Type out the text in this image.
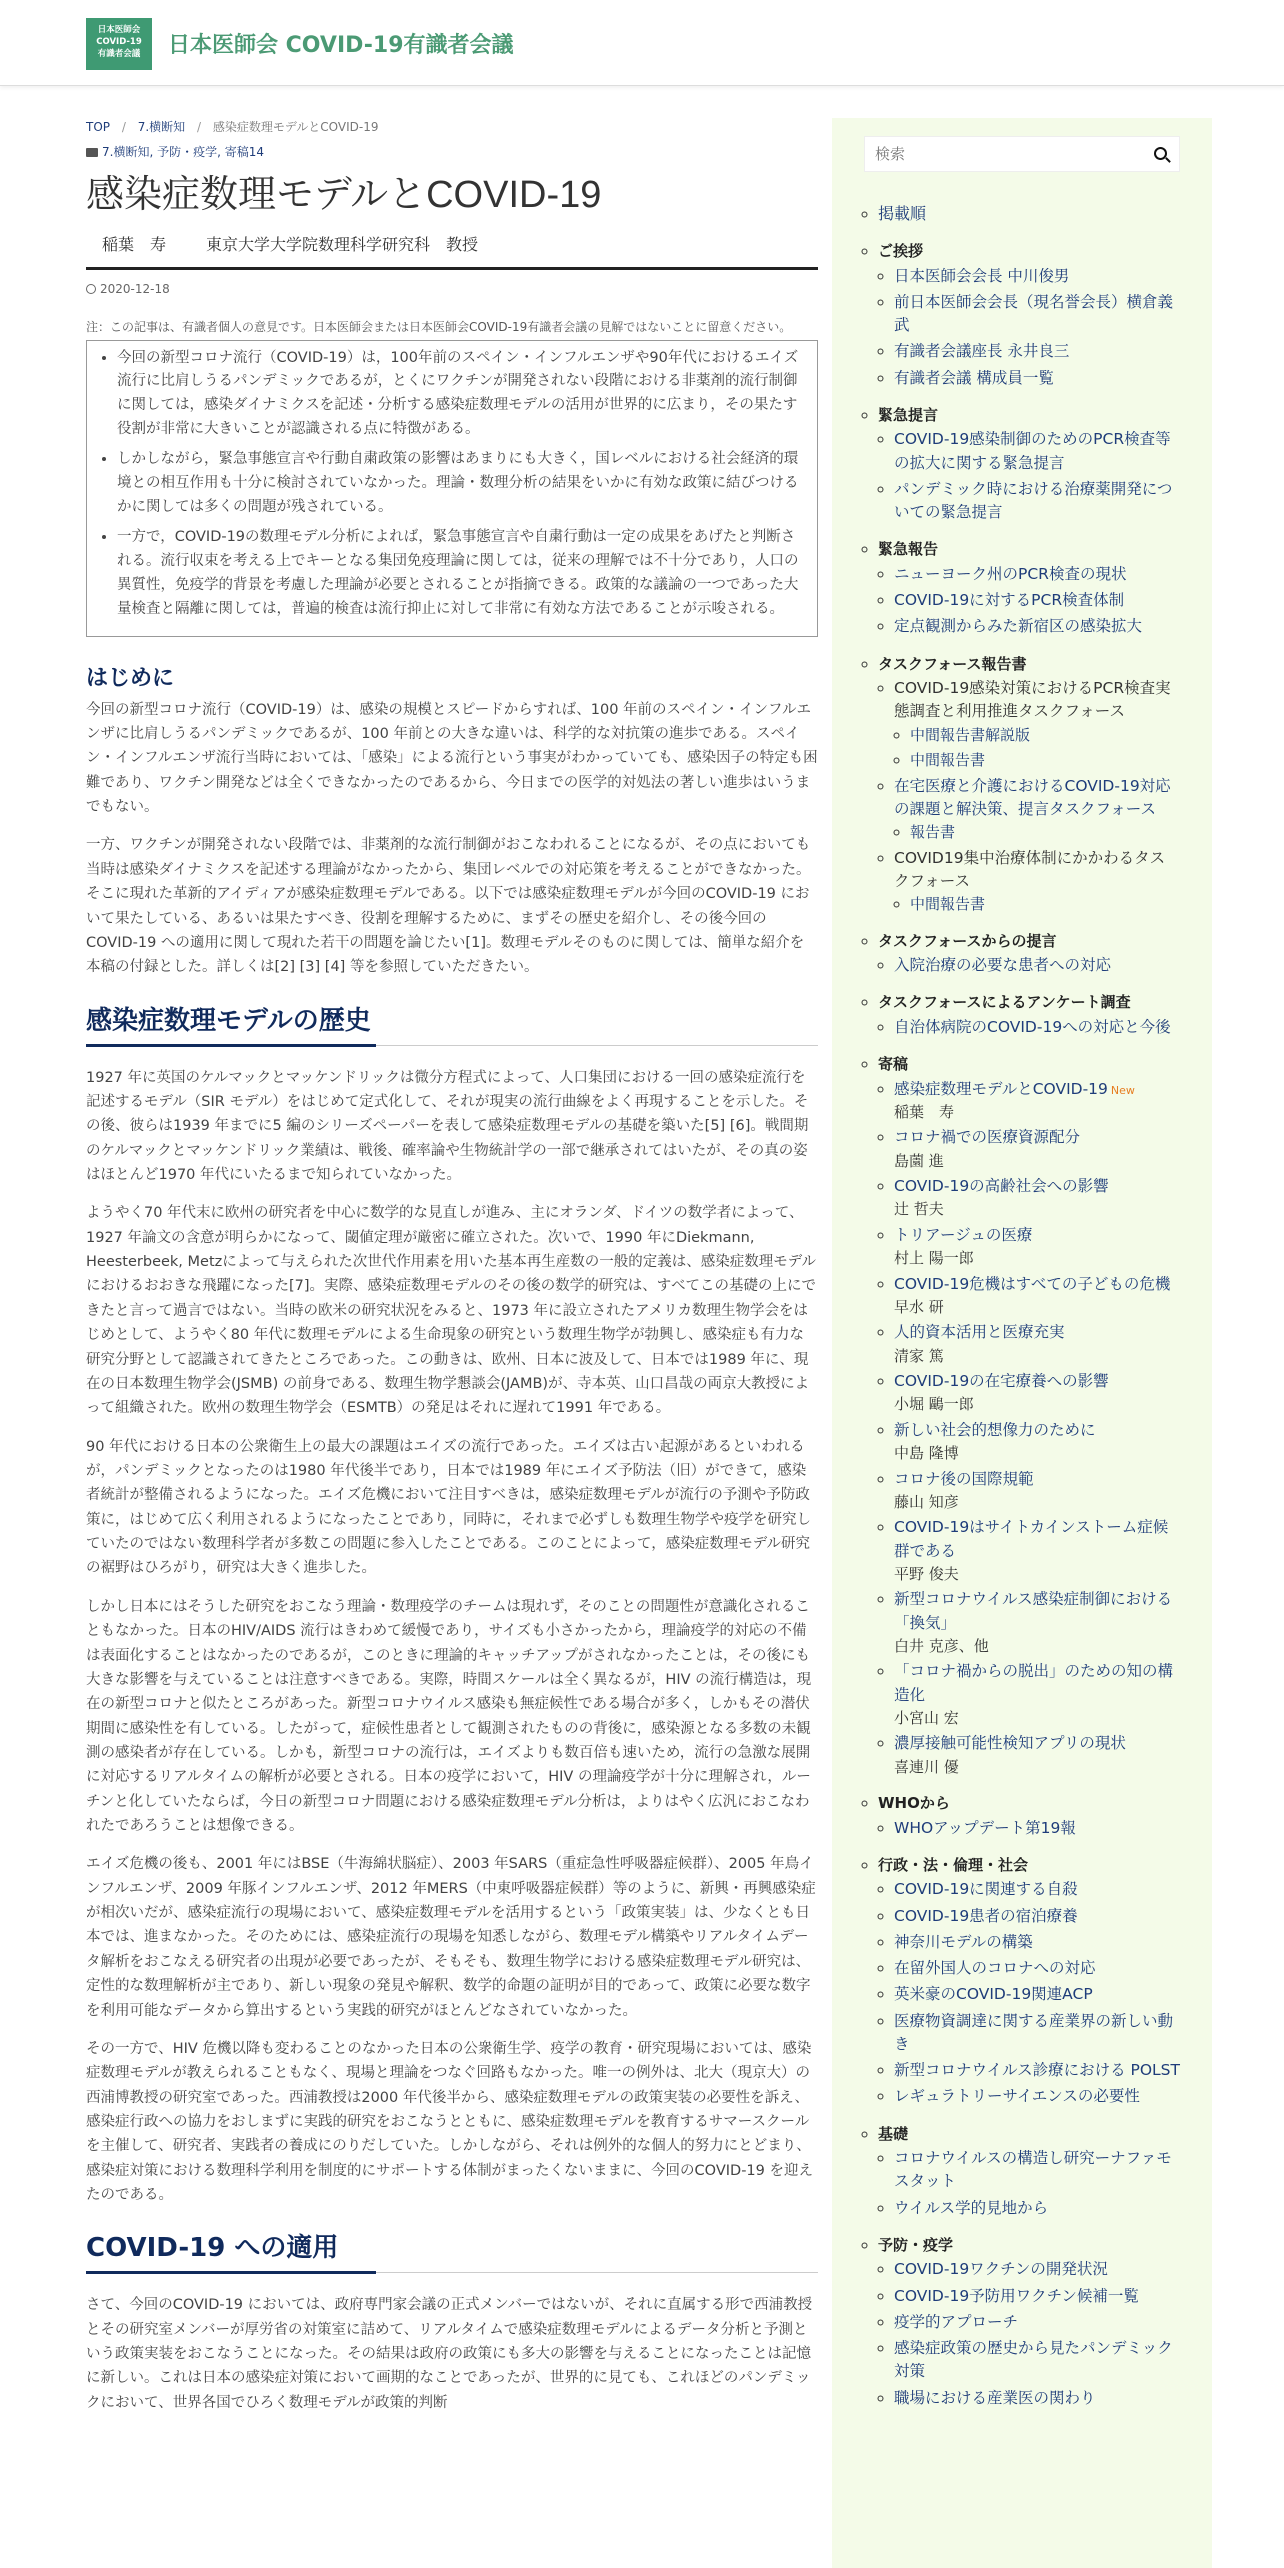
日本医師会
COVID-19
有識者会議	日本医師会 COVID-19有識者会議
TOP / 7.横断知 / 感染症数理モデルとCOVID-19
7.横断知, 予防・疫学, 寄稿14
感染症数理モデルとCOVID-19
稲葉　寿	東京大学大学院数理科学研究科　教授
2020-12-18

注：この記事は、有識者個人の意見です。日本医師会または日本医師会COVID-19有識者会議の見解ではないことに留意ください。

• 今回の新型コロナ流行（COVID-19）は，100年前のスペイン・インフルエンザや90年代におけるエイズ流行に比肩しうるパンデミックであるが，とくにワクチンが開発されない段階における非薬剤的流行制御に関しては，感染ダイナミクスを記述・分析する感染症数理モデルの活用が世界的に広まり，その果たす役割が非常に大きいことが認識される点に特徴がある。
• しかしながら，緊急事態宣言や行動自粛政策の影響はあまりにも大きく，国レベルにおける社会経済的環境との相互作用も十分に検討されていなかった。理論・数理分析の結果をいかに有効な政策に結びつけるかに関しては多くの問題が残されている。
• 一方で，COVID-19の数理モデル分析によれば，緊急事態宣言や自粛行動は一定の成果をあげたと判断される。流行収束を考える上でキーとなる集団免疫理論に関しては，従来の理解では不十分であり，人口の異質性，免疫学的背景を考慮した理論が必要とされることが指摘できる。政策的な議論の一つであった大量検査と隔離に関しては，普遍的検査は流行抑止に対して非常に有効な方法であることが示唆される。
はじめに

今回の新型コロナ流行（COVID-19）は、感染の規模とスピードからすれば、100 年前のスペイン・インフルエンザに比肩しうるパンデミックであるが、100 年前との大きな違いは、科学的な対抗策の進歩である。スペイン・インフルエンザ流行当時においては、「感染」による流行という事実がわかっていても、感染因子の特定も困難であり、ワクチン開発などは全くできなかったのであるから、今日までの医学的対処法の著しい進歩はいうまでもない。

一方、ワクチンが開発されない段階では、非薬剤的な流行制御がおこなわれることになるが、その点においても当時は感染ダイナミクスを記述する理論がなかったから、集団レベルでの対応策を考えることができなかった。そこに現れた革新的アイディアが感染症数理モデルである。以下では感染症数理モデルが今回のCOVID-19 において果たしている、あるいは果たすべき、役割を理解するために、まずその歴史を紹介し、その後今回のCOVID-19 への適用に関して現れた若干の問題を論じたい[1]。数理モデルそのものに関しては、簡単な紹介を本稿の付録とした。詳しくは[2] [3] [4] 等を参照していただきたい。

感染症数理モデルの歴史

1927 年に英国のケルマックとマッケンドリックは微分方程式によって、人口集団における一回の感染症流行を記述するモデル（SIR モデル）をはじめて定式化して、それが現実の流行曲線をよく再現することを示した。その後、彼らは1939 年までに5 編のシリーズペーパーを表して感染症数理モデルの基礎を築いた[5] [6]。戦間期のケルマックとマッケンドリック業績は、戦後、確率論や生物統計学の一部で継承されてはいたが、その真の姿はほとんど1970 年代にいたるまで知られていなかった。

ようやく70 年代末に欧州の研究者を中心に数学的な見直しが進み、主にオランダ、ドイツの数学者によって、1927 年論文の含意が明らかになって、閾値定理が厳密に確立された。次いで、1990 年にDiekmann, Heesterbeek, Metzによって与えられた次世代作用素を用いた基本再生産数の一般的定義は、感染症数理モデルにおけるおおきな飛躍になった[7]。実際、感染症数理モデルのその後の数学的研究は、すべてこの基礎の上にできたと言って過言ではない。当時の欧米の研究状況をみると、1973 年に設立されたアメリカ数理生物学会をはじめとして、ようやく80 年代に数理モデルによる生命現象の研究という数理生物学が勃興し、感染症も有力な研究分野として認識されてきたところであった。この動きは、欧州、日本に波及して、日本では1989 年に、現在の日本数理生物学会(JSMB) の前身である、数理生物学懇談会(JAMB)が、寺本英、山口昌哉の両京大教授によって組織された。欧州の数理生物学会（ESMTB）の発足はそれに遅れて1991 年である。

90 年代における日本の公衆衛生上の最大の課題はエイズの流行であった。エイズは古い起源があるといわれるが，パンデミックとなったのは1980 年代後半であり，日本では1989 年にエイズ予防法（旧）ができて，感染者統計が整備されるようになった。エイズ危機において注目すべきは，感染症数理モデルが流行の予測や予防政策に，はじめて広く利用されるようになったことであり，同時に，それまで必ずしも数理生物学や疫学を研究していたのではない数理科学者が多数この問題に参入したことである。このことによって，感染症数理モデル研究の裾野はひろがり，研究は大きく進歩した。

しかし日本にはそうした研究をおこなう理論・数理疫学のチームは現れず，そのことの問題性が意識化されることもなかった。日本のHIV/AIDS 流行はきわめて緩慢であり，サイズも小さかったから，理論疫学的対応の不備は表面化することはなかったのであるが，このときに理論的キャッチアップがされなかったことは，その後にも大きな影響を与えていることは注意すべきである。実際，時間スケールは全く異なるが，HIV の流行構造は，現在の新型コロナと似たところがあった。新型コロナウイルス感染も無症候性である場合が多く，しかもその潜伏期間に感染性を有している。したがって，症候性患者として観測されたものの背後に，感染源となる多数の未観測の感染者が存在している。しかも，新型コロナの流行は，エイズよりも数百倍も速いため，流行の急激な展開に対応するリアルタイムの解析が必要とされる。日本の疫学において，HIV の理論疫学が十分に理解され，ルーチンと化していたならば，今日の新型コロナ問題における感染症数理モデル分析は，よりはやく広汎におこなわれたであろうことは想像できる。

エイズ危機の後も、2001 年にはBSE（牛海綿状脳症）、2003 年SARS（重症急性呼吸器症候群）、2005 年鳥インフルエンザ、2009 年豚インフルエンザ、2012 年MERS（中東呼吸器症候群）等のように、新興・再興感染症が相次いだが、感染症流行の現場において、感染症数理モデルを活用するという「政策実装」は、少なくとも日本では、進まなかった。そのためには、感染症流行の現場を知悉しながら、数理モデル構築やリアルタイムデータ解析をおこなえる研究者の出現が必要であったが、そもそも、数理生物学における感染症数理モデル研究は、定性的な数理解析が主であり、新しい現象の発見や解釈、数学的命題の証明が目的であって、政策に必要な数字を利用可能なデータから算出するという実践的研究がほとんどなされていなかった。

その一方で、HIV 危機以降も変わることのなかった日本の公衆衛生学、疫学の教育・研究現場においては、感染症数理モデルが教えられることもなく、現場と理論をつなぐ回路もなかった。唯一の例外は、北大（現京大）の西浦博教授の研究室であった。西浦教授は2000 年代後半から、感染症数理モデルの政策実装の必要性を訴え、感染症行政への協力をおしまずに実践的研究をおこなうとともに、感染症数理モデルを教育するサマースクールを主催して、研究者、実践者の養成にのりだしていた。しかしながら、それは例外的な個人的努力にとどまり、感染症対策における数理科学利用を制度的にサポートする体制がまったくないままに、今回のCOVID-19 を迎えたのである。

COVID-19 への適用

さて、今回のCOVID-19 においては、政府専門家会議の正式メンバーではないが、それに直属する形で西浦教授とその研究室メンバーが厚労省の対策室に詰めて、リアルタイムで感染症数理モデルによるデータ分析と予測という政策実装をおこなうことになった。その結果は政府の政策にも多大の影響を与えることになったことは記憶に新しい。これは日本の感染症対策において画期的なことであったが、世界的に見ても、これほどのパンデミックにおいて、世界各国でひろく数理モデルが政策的判断

検索
◦ 掲載順
◦ ご挨拶
◦ 日本医師会会長 中川俊男
◦ 前日本医師会会長（現名誉会長）横倉義武
◦ 有識者会議座長 永井良三
◦ 有識者会議 構成員一覧
◦ 緊急提言
◦ COVID-19感染制御のためのPCR検査等の拡大に関する緊急提言
◦ パンデミック時における治療薬開発についての緊急提言
◦ 緊急報告
◦ ニューヨーク州のPCR検査の現状
◦ COVID-19に対するPCR検査体制
◦ 定点観測からみた新宿区の感染拡大
◦ タスクフォース報告書
◦ COVID-19感染対策におけるPCR検査実態調査と利用推進タスクフォース
◦ 中間報告書解説版
◦ 中間報告書
◦ 在宅医療と介護におけるCOVID-19対応の課題と解決策、提言タスクフォース
◦ 報告書
◦ COVID19集中治療体制にかかわるタスクフォース
◦ 中間報告書
◦ タスクフォースからの提言
◦ 入院治療の必要な患者への対応
◦ タスクフォースによるアンケート調査
◦ 自治体病院のCOVID-19への対応と今後
◦ 寄稿
◦ 感染症数理モデルとCOVID-19 New
稲葉　寿
◦ コロナ禍での医療資源配分
島薗 進
◦ COVID-19の高齢社会への影響
辻 哲夫
◦ トリアージュの医療
村上 陽一郎
◦ COVID-19危機はすべての子どもの危機
早水 研
◦ 人的資本活用と医療充実
清家 篤
◦ COVID-19の在宅療養への影響
小堀 鷗一郎
◦ 新しい社会的想像力のために
中島 隆博
◦ コロナ後の国際規範
藤山 知彦
◦ COVID-19はサイトカインストーム症候群である
平野 俊夫
◦ 新型コロナウイルス感染症制御における「換気」
白井 克彦、他
◦ 「コロナ禍からの脱出」のための知の構造化
小宮山 宏
◦ 濃厚接触可能性検知アプリの現状
喜連川 優
◦ WHOから
◦ WHOアップデート第19報
◦ 行政・法・倫理・社会
◦ COVID-19に関連する自殺
◦ COVID-19患者の宿泊療養
◦ 神奈川モデルの構築
◦ 在留外国人のコロナへの対応
◦ 英米豪のCOVID-19関連ACP
◦ 医療物資調達に関する産業界の新しい動き
◦ 新型コロナウイルス診療における POLST
◦ レギュラトリーサイエンスの必要性
◦ 基礎
◦ コロナウイルスの構造し研究ーナファモスタット
◦ ウイルス学的見地から
◦ 予防・疫学
◦ COVID-19ワクチンの開発状況
◦ COVID-19予防用ワクチン候補一覧
◦ 疫学的アプローチ
◦ 感染症政策の歴史から見たパンデミック対策
◦ 職場における産業医の関わり
